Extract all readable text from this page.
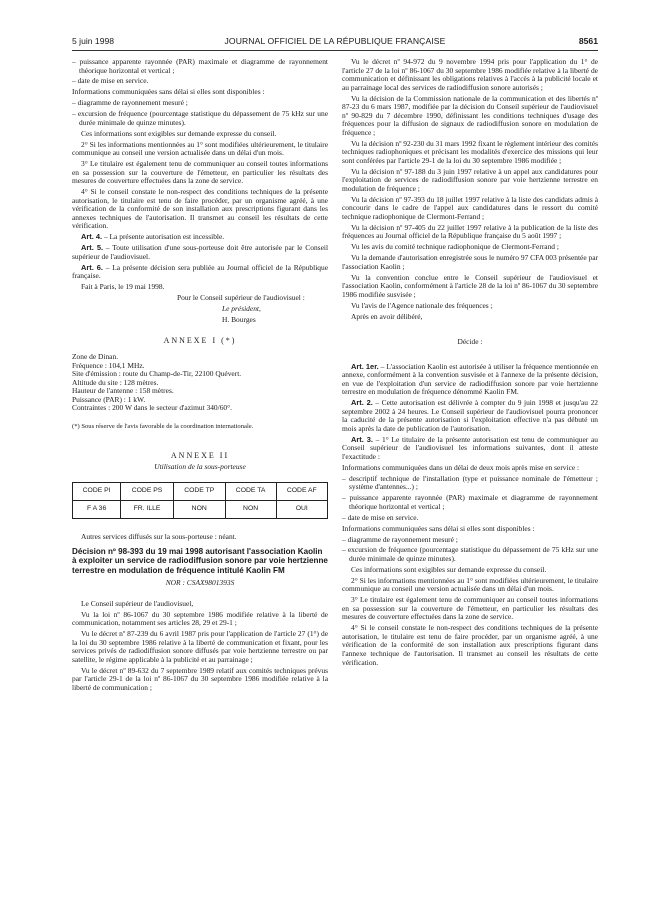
5 juin 1998	JOURNAL OFFICIEL DE LA RÉPUBLIQUE FRANÇAISE	8561

– puissance apparente rayonnée (PAR) maximale et diagramme de rayonnement théorique horizontal et vertical ;

– date de mise en service.

Informations communiquées sans délai si elles sont disponibles :

– diagramme de rayonnement mesuré ;

– excursion de fréquence (pourcentage statistique du dépassement de 75 kHz sur une durée minimale de quinze minutes).

Ces informations sont exigibles sur demande expresse du conseil.

2° Si les informations mentionnées au 1° sont modifiées ultérieurement, le titulaire communique au conseil une version actualisée dans un délai d'un mois.

3° Le titulaire est également tenu de communiquer au conseil toutes informations en sa possession sur la couverture de l'émetteur, en particulier les résultats des mesures de couverture effectuées dans la zone de service.

4° Si le conseil constate le non-respect des conditions techniques de la présente autorisation, le titulaire est tenu de faire procéder, par un organisme agréé, à une vérification de la conformité de son installation aux prescriptions figurant dans les annexes techniques de l'autorisation. Il transmet au conseil les résultats de cette vérification.

Art. 4. – La présente autorisation est incessible.

Art. 5. – Toute utilisation d'une sous-porteuse doit être autorisée par le Conseil supérieur de l'audiovisuel.

Art. 6. – La présente décision sera publiée au Journal officiel de la République française.

Fait à Paris, le 19 mai 1998.

Pour le Conseil supérieur de l'audiovisuel :

Le président,

H. Bourges

ANNEXE I (*)

Zone de Dinan.

Fréquence : 104,1 MHz.

Site d'émission : route du Champ-de-Tir, 22100 Quévert.

Altitude du site : 128 mètres.

Hauteur de l'antenne : 158 mètres.

Puissance (PAR) : 1 kW.

Contraintes : 200 W dans le secteur d'azimut 340/60°.

(*) Sous réserve de l'avis favorable de la coordination internationale.

ANNEXE II

Utilisation de la sous-porteuse

CODE PI	CODE PS	CODE TP	CODE TA	CODE AF
F A 36	FR. ILLE	NON	NON	OUI

Autres services diffusés sur la sous-porteuse : néant.

Décision nº 98-393 du 19 mai 1998 autorisant l'association Kaolin à exploiter un service de radiodiffusion sonore par voie hertzienne terrestre en modulation de fréquence intitulé Kaolin FM

NOR : CSAX9801393S

Le Conseil supérieur de l'audiovisuel,

Vu la loi nº 86-1067 du 30 septembre 1986 modifiée relative à la liberté de communication, notamment ses articles 28, 29 et 29-1 ;

Vu le décret nº 87-239 du 6 avril 1987 pris pour l'application de l'article 27 (1°) de la loi du 30 septembre 1986 relative à la liberté de communication et fixant, pour les services privés de radiodiffusion sonore diffusés par voie hertzienne terrestre ou par satellite, le régime applicable à la publicité et au parrainage ;

Vu le décret nº 89-632 du 7 septembre 1989 relatif aux comités techniques prévus par l'article 29-1 de la loi nº 86-1067 du 30 septembre 1986 modifiée relative à la liberté de communication ;

Vu le décret nº 94-972 du 9 novembre 1994 pris pour l'application du 1° de l'article 27 de la loi nº 86-1067 du 30 septembre 1986 modifiée relative à la liberté de communication et définissant les obligations relatives à l'accès à la publicité locale et au parrainage local des services de radiodiffusion sonore autorisés ;

Vu la décision de la Commission nationale de la communication et des libertés nº 87-23 du 6 mars 1987, modifiée par la décision du Conseil supérieur de l'audiovisuel nº 90-829 du 7 décembre 1990, définissant les conditions techniques d'usage des fréquences pour la diffusion de signaux de radiodiffusion sonore en modulation de fréquence ;

Vu la décision nº 92-230 du 31 mars 1992 fixant le règlement intérieur des comités techniques radiophoniques et précisant les modalités d'exercice des missions qui leur sont conférées par l'article 29-1 de la loi du 30 septembre 1986 modifiée ;

Vu la décision nº 97-188 du 3 juin 1997 relative à un appel aux candidatures pour l'exploitation de services de radiodiffusion sonore par voie hertzienne terrestre en modulation de fréquence ;

Vu la décision nº 97-393 du 18 juillet 1997 relative à la liste des candidats admis à concourir dans le cadre de l'appel aux candidatures dans le ressort du comité technique radiophonique de Clermont-Ferrand ;

Vu la décision nº 97-405 du 22 juillet 1997 relative à la publication de la liste des fréquences au Journal officiel de la République française du 5 août 1997 ;

Vu les avis du comité technique radiophonique de Clermont-Ferrand ;

Vu la demande d'autorisation enregistrée sous le numéro 97 CFA 003 présentée par l'association Kaolin ;

Vu la convention conclue entre le Conseil supérieur de l'audiovisuel et l'association Kaolin, conformément à l'article 28 de la loi nº 86-1067 du 30 septembre 1986 modifiée susvisée ;

Vu l'avis de l'Agence nationale des fréquences ;

Après en avoir délibéré,

Décide :

Art. 1er. – L'association Kaolin est autorisée à utiliser la fréquence mentionnée en annexe, conformément à la convention susvisée et à l'annexe de la présente décision, en vue de l'exploitation d'un service de radiodiffusion sonore par voie hertzienne terrestre en modulation de fréquence dénommé Kaolin FM.

Art. 2. – Cette autorisation est délivrée à compter du 9 juin 1998 et jusqu'au 22 septembre 2002 à 24 heures. Le Conseil supérieur de l'audiovisuel pourra prononcer la caducité de la présente autorisation si l'exploitation effective n'a pas débuté un mois après la date de publication de l'autorisation.

Art. 3. – 1° Le titulaire de la présente autorisation est tenu de communiquer au Conseil supérieur de l'audiovisuel les informations suivantes, dont il atteste l'exactitude :

Informations communiquées dans un délai de deux mois après mise en service :

– descriptif technique de l'installation (type et puissance nominale de l'émetteur ; système d'antennes...) ;

– puissance apparente rayonnée (PAR) maximale et diagramme de rayonnement théorique horizontal et vertical ;

– date de mise en service.

Informations communiquées sans délai si elles sont disponibles :

– diagramme de rayonnement mesuré ;

– excursion de fréquence (pourcentage statistique du dépassement de 75 kHz sur une durée minimale de quinze minutes).

Ces informations sont exigibles sur demande expresse du conseil.

2° Si les informations mentionnées au 1° sont modifiées ultérieurement, le titulaire communique au conseil une version actualisée dans un délai d'un mois.

3° Le titulaire est également tenu de communiquer au conseil toutes informations en sa possession sur la couverture de l'émetteur, en particulier les résultats des mesures de couverture effectuées dans la zone de service.

4° Si le conseil constate le non-respect des conditions techniques de la présente autorisation, le titulaire est tenu de faire procéder, par un organisme agréé, à une vérification de la conformité de son installation aux prescriptions figurant dans l'annexe technique de l'autorisation. Il transmet au conseil les résultats de cette vérification.
